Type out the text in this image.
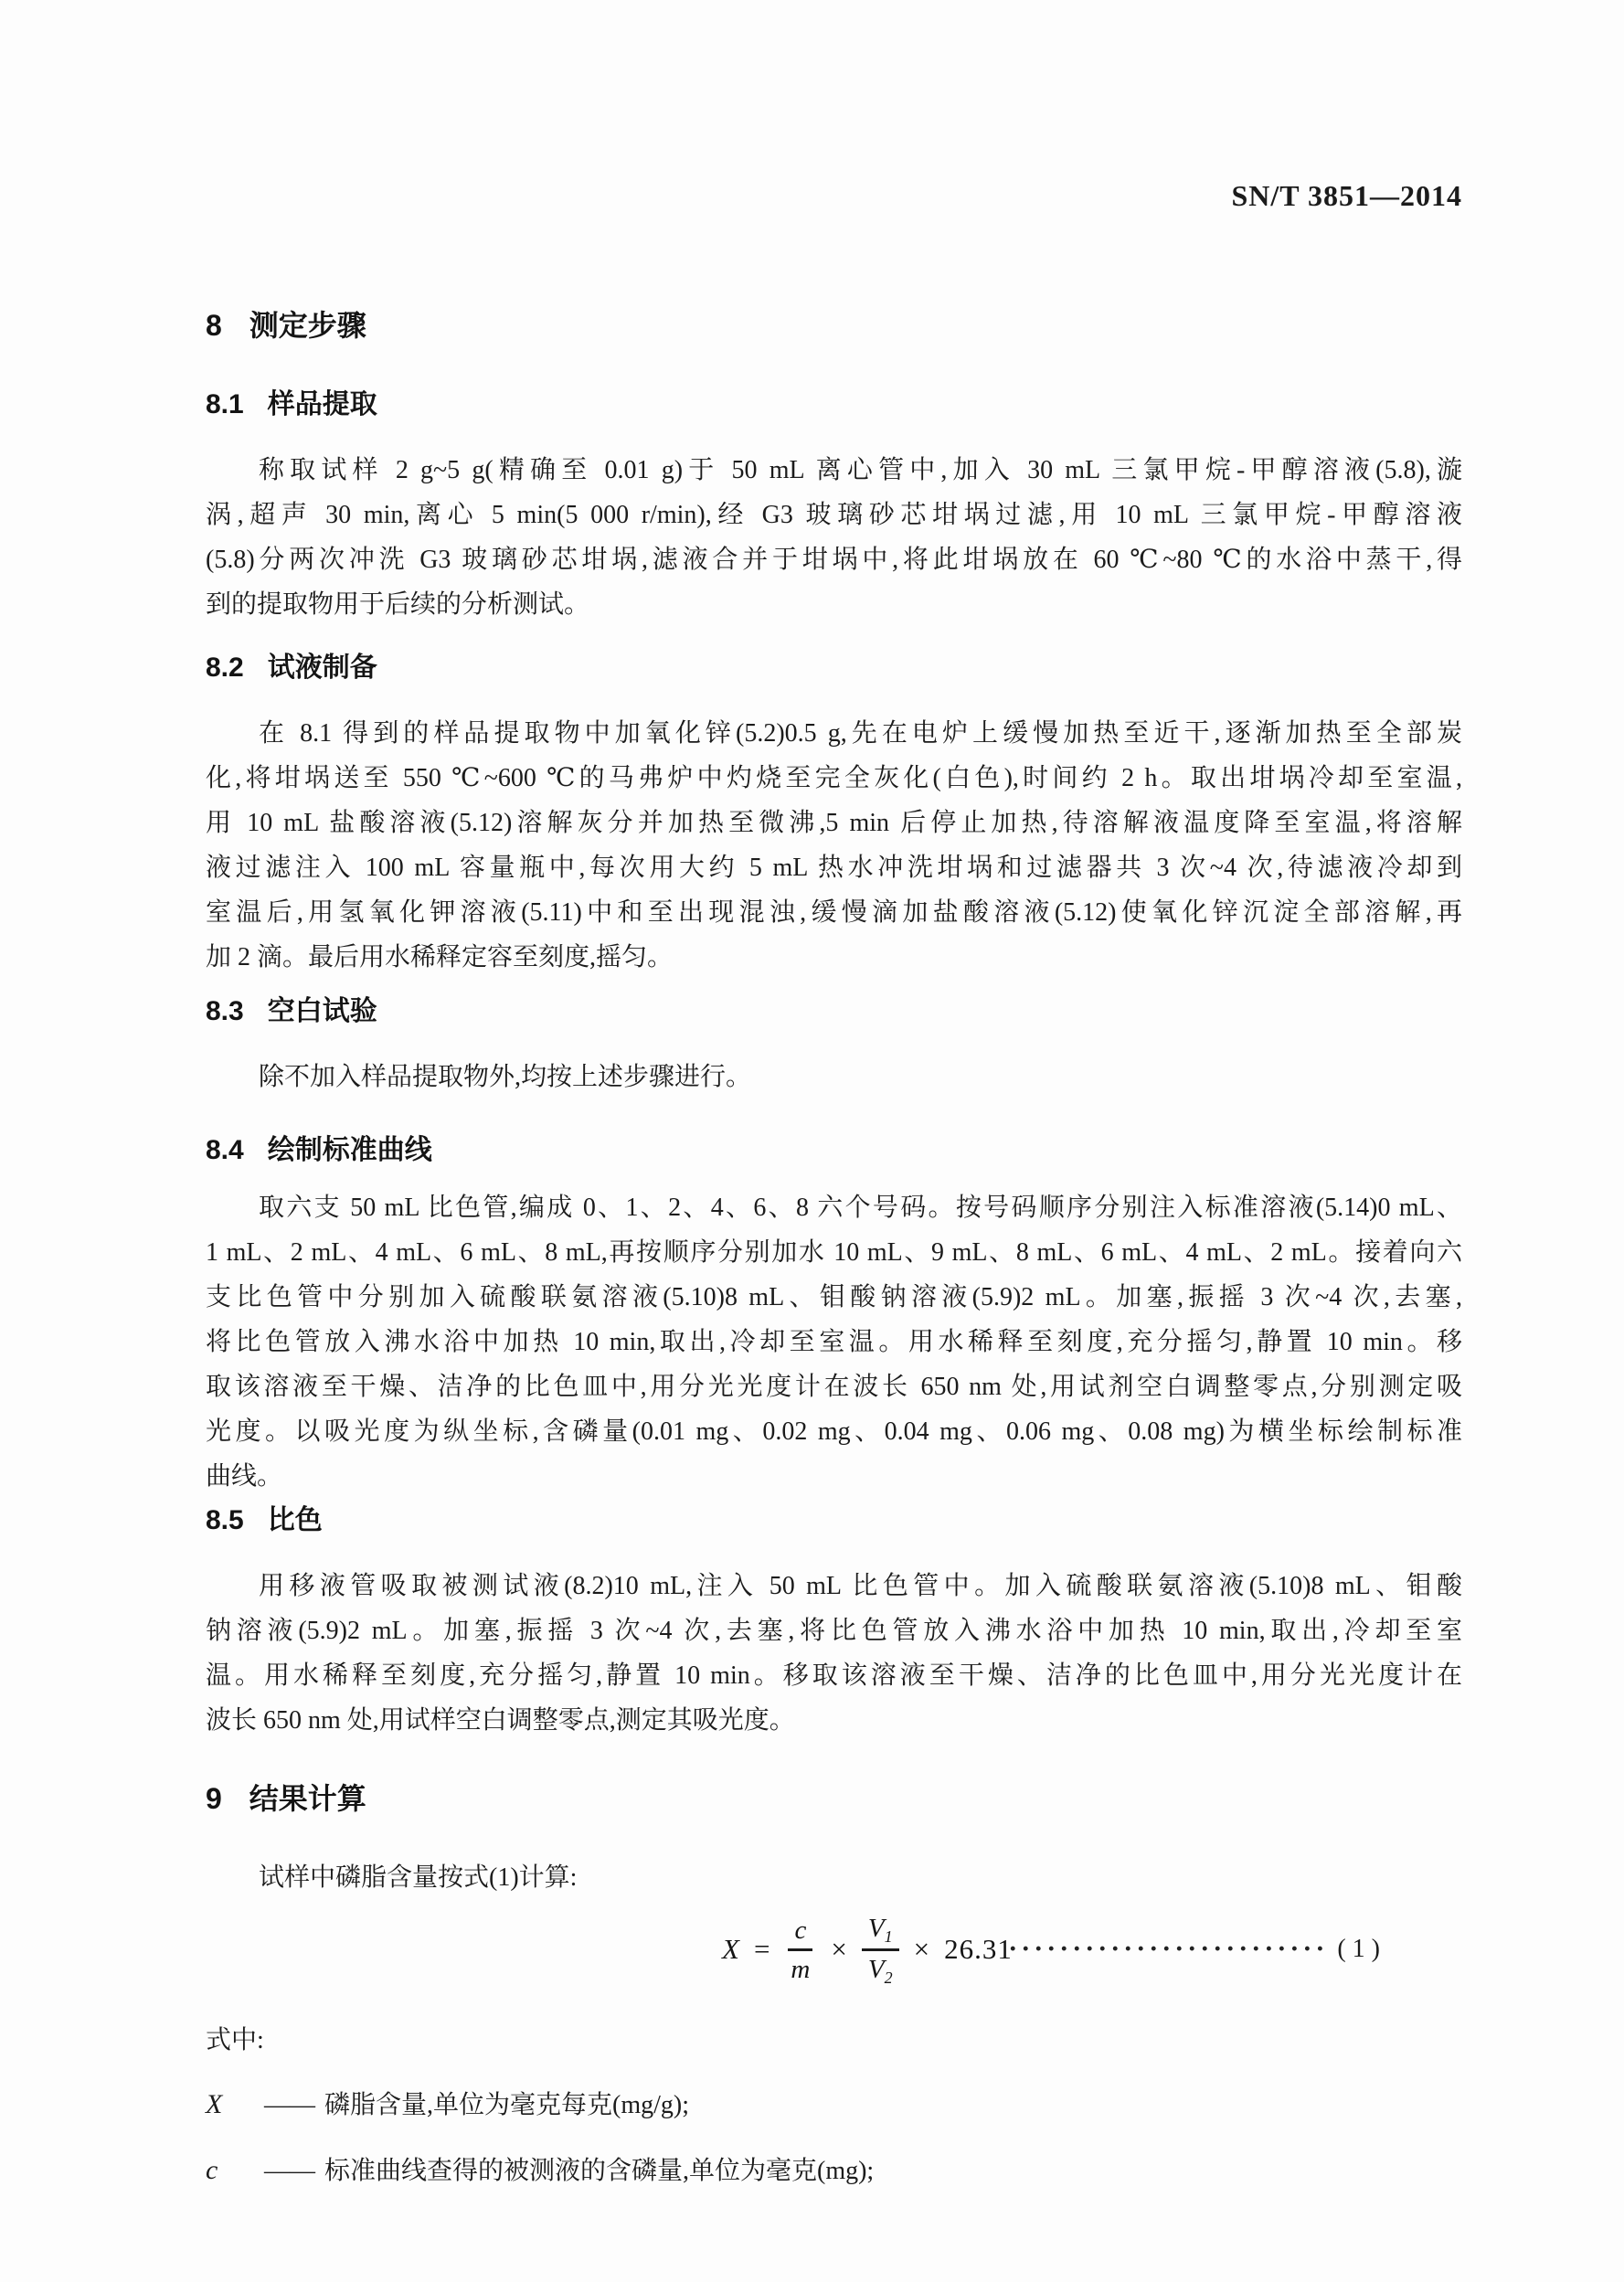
SN/T 3851—2014
8 测定步骤
8.1 样品提取
称取试样 2 g~5 g(精确至 0.01 g)于 50 mL 离心管中,加入 30 mL 三氯甲烷-甲醇溶液(5.8),漩
涡,超声 30 min,离心 5 min(5 000 r/min),经 G3 玻璃砂芯坩埚过滤,用 10 mL 三氯甲烷-甲醇溶液
(5.8)分两次冲洗 G3 玻璃砂芯坩埚,滤液合并于坩埚中,将此坩埚放在 60 ℃~80 ℃的水浴中蒸干,得
到的提取物用于后续的分析测试。
8.2 试液制备
在 8.1 得到的样品提取物中加氧化锌(5.2)0.5 g,先在电炉上缓慢加热至近干,逐渐加热至全部炭
化,将坩埚送至 550 ℃~600 ℃的马弗炉中灼烧至完全灰化(白色),时间约 2 h。取出坩埚冷却至室温,
用 10 mL 盐酸溶液(5.12)溶解灰分并加热至微沸,5 min 后停止加热,待溶解液温度降至室温,将溶解
液过滤注入 100 mL 容量瓶中,每次用大约 5 mL 热水冲洗坩埚和过滤器共 3 次~4 次,待滤液冷却到
室温后,用氢氧化钾溶液(5.11)中和至出现混浊,缓慢滴加盐酸溶液(5.12)使氧化锌沉淀全部溶解,再
加 2 滴。最后用水稀释定容至刻度,摇匀。
8.3 空白试验
除不加入样品提取物外,均按上述步骤进行。
8.4 绘制标准曲线
取六支 50 mL 比色管,编成 0、1、2、4、6、8 六个号码。按号码顺序分别注入标准溶液(5.14)0 mL、
1 mL、2 mL、4 mL、6 mL、8 mL,再按顺序分别加水 10 mL、9 mL、8 mL、6 mL、4 mL、2 mL。接着向六
支比色管中分别加入硫酸联氨溶液(5.10)8 mL、钼酸钠溶液(5.9)2 mL。加塞,振摇 3 次~4 次,去塞,
将比色管放入沸水浴中加热 10 min,取出,冷却至室温。用水稀释至刻度,充分摇匀,静置 10 min。移
取该溶液至干燥、洁净的比色皿中,用分光光度计在波长 650 nm 处,用试剂空白调整零点,分别测定吸
光度。以吸光度为纵坐标,含磷量(0.01 mg、0.02 mg、0.04 mg、0.06 mg、0.08 mg)为横坐标绘制标准
曲线。
8.5 比色
用移液管吸取被测试液(8.2)10 mL,注入 50 mL 比色管中。加入硫酸联氨溶液(5.10)8 mL、钼酸
钠溶液(5.9)2 mL。加塞,振摇 3 次~4 次,去塞,将比色管放入沸水浴中加热 10 min,取出,冷却至室
温。用水稀释至刻度,充分摇匀,静置 10 min。移取该溶液至干燥、洁净的比色皿中,用分光光度计在
波长 650 nm 处,用试样空白调整零点,测定其吸光度。
9 结果计算
试样中磷脂含量按式(1)计算:
$X = \frac{c}{m} \times \frac{V_1}{V_2} \times 26.31$
························· ( 1 )
式中:
X	—— 磷脂含量,单位为毫克每克(mg/g);
c	—— 标准曲线查得的被测液的含磷量,单位为毫克(mg);
